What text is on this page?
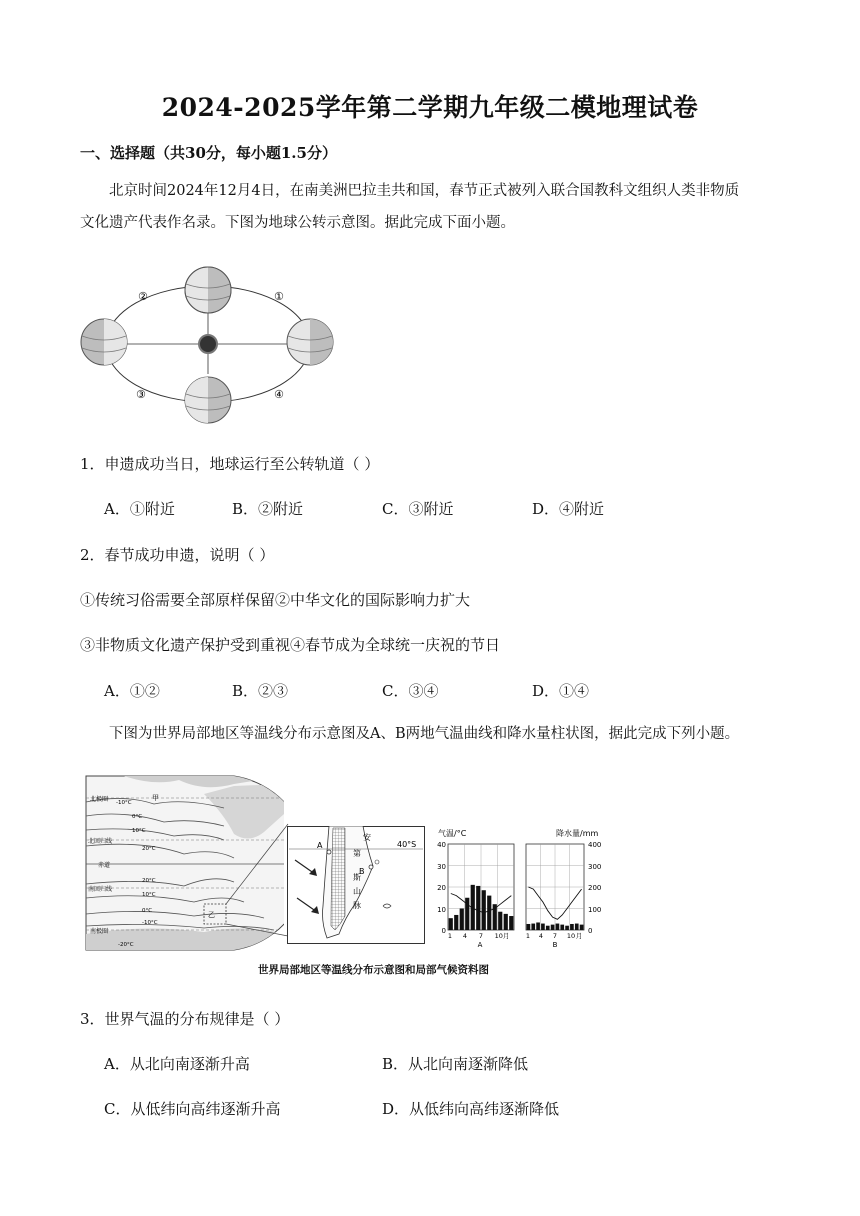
2024-2025学年第二学期九年级二模地理试卷
一、选择题（共30分，每小题1.5分）
北京时间2024年12月4日，在南美洲巴拉圭共和国，春节正式被列入联合国教科文组织人类非物质
文化遗产代表作名录。下图为地球公转示意图。据此完成下面小题。
②	①
③	④
1．申遗成功当日，地球运行至公转轨道（ ）
A．①附近	B．②附近	C．③附近	D．④附近
2．春节成功申遗，说明（ ）
①传统习俗需要全部原样保留②中华文化的国际影响力扩大
③非物质文化遗产保护受到重视④春节成为全球统一庆祝的节日
A．①②	B．②③	C．③④	D．①④
下图为世界局部地区等温线分布示意图及A、B两地气温曲线和降水量柱状图，据此完成下列小题。
北极圈
北回归线
赤道
南回归线
南极圈
-10°C
0°C
10°C
20°C
20°C
10°C
0°C
-10°C
-20°C
甲
乙
40°S
A
B
安
第
斯
山
脉
气温/°C	降水量/mm
40
30
20
10
0
400
300
200
100
0
1 4 7 10月	1 4 7 10 月
A	B
世界局部地区等温线分布示意图和局部气候资料图
3．世界气温的分布规律是（ ）
A．从北向南逐渐升高	B．从北向南逐渐降低
C．从低纬向高纬逐渐升高	D．从低纬向高纬逐渐降低
